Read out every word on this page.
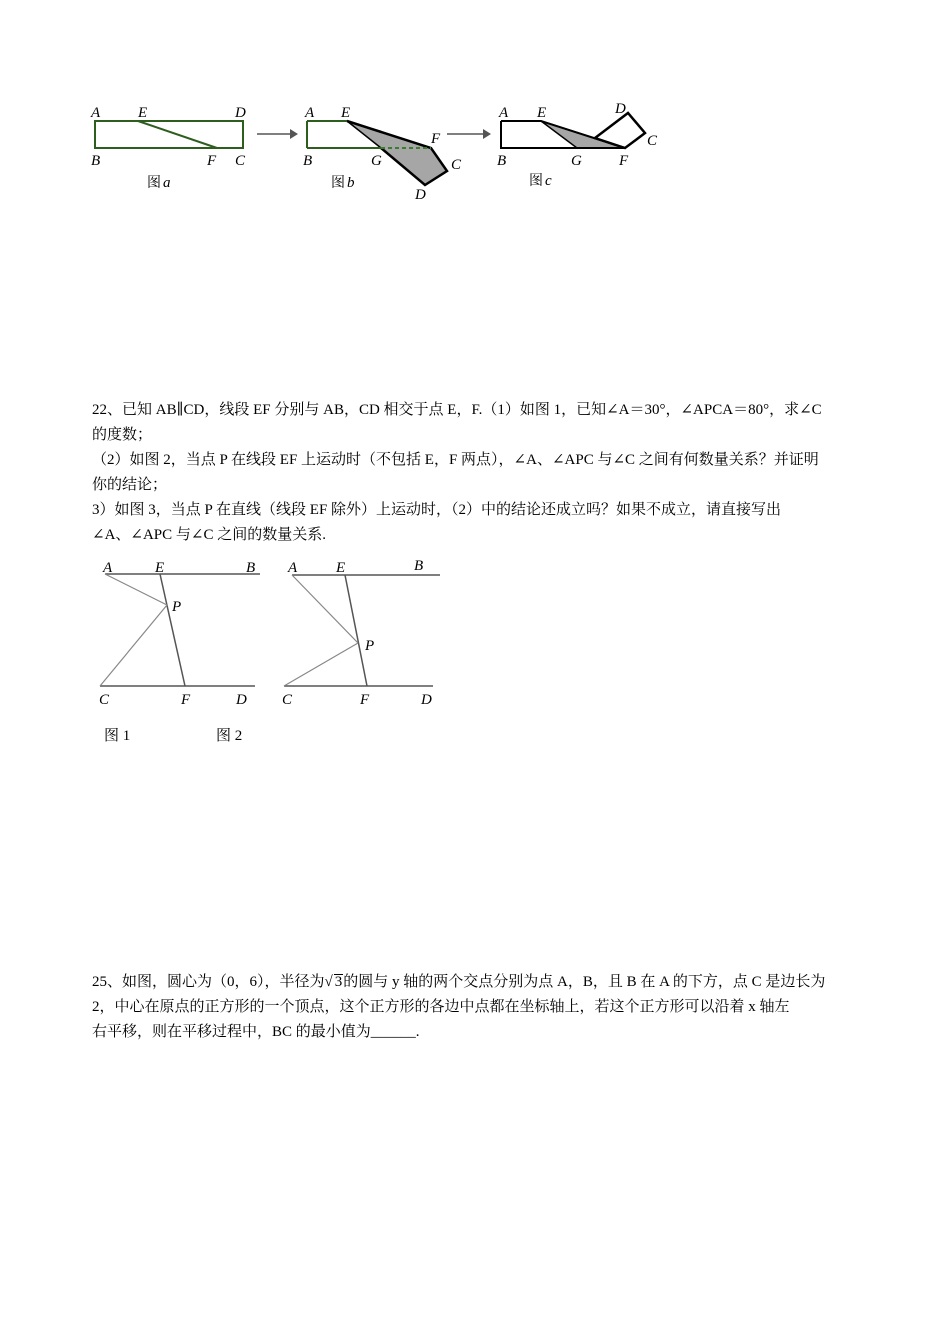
A	E	D
B	F C
图 a
A E
F
B	G	C
D
图 b
A E	D
C
B	G F
图 c

22、已知 AB∥CD，线段 EF 分别与 AB，CD 相交于点 E，F.（1）如图 1，已知∠A＝30°，∠APCA＝80°，求∠C

的度数；

（2）如图 2，当点 P 在线段 EF 上运动时（不包括 E，F 两点），∠A、∠APC 与∠C 之间有何数量关系？并证明

你的结论；

3）如图 3，当点 P 在直线（线段 EF 除外）上运动时，（2）中的结论还成立吗？如果不成立，请直接写出

∠A、∠APC 与∠C 之间的数量关系.

A	E	B
P
C	F	D
A	E	B
P
C	F	D
图 1	图 2

25、如图，圆心为（0，6），半径为√ 3的圆与 y 轴的两个交点分别为点 A，B，且 B 在 A 的下方，点 C 是边长为

2，中心在原点的正方形的一个顶点，这个正方形的各边中点都在坐标轴上，若这个正方形可以沿着 x 轴左

右平移，则在平移过程中，BC 的最小值为______.
